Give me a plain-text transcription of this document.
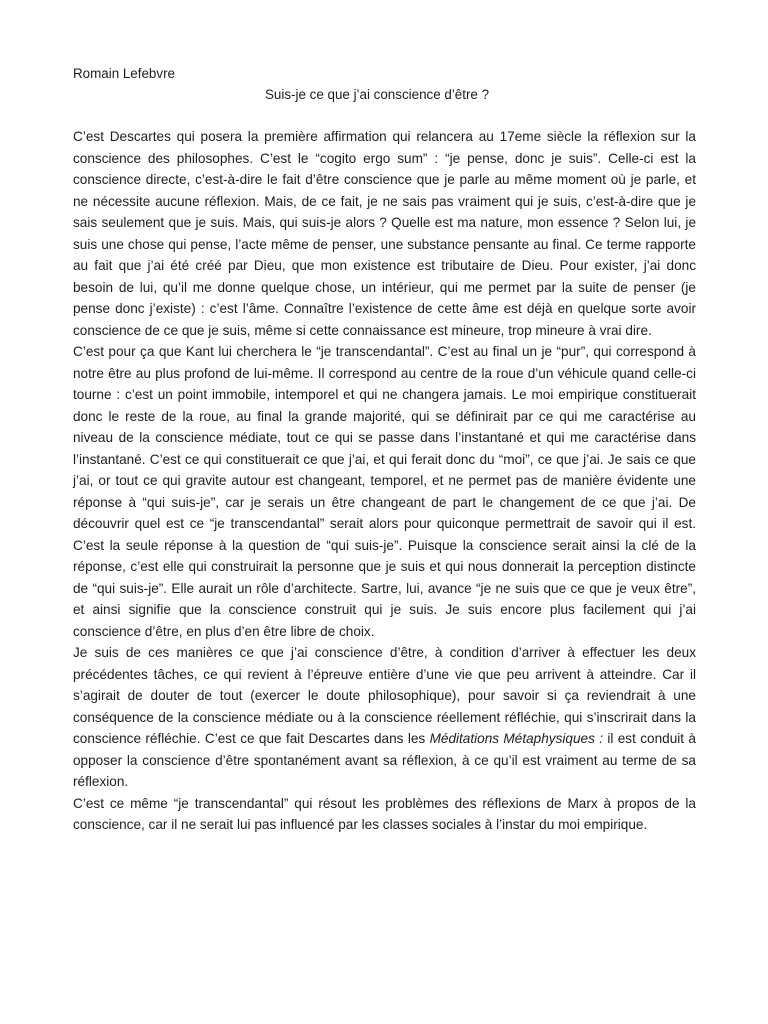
Romain Lefebvre
Suis-je ce que j’ai conscience d’être ?

C’est Descartes qui posera la première affirmation qui relancera au 17eme siècle la réflexion sur la conscience des philosophes. C’est le “cogito ergo sum” : “je pense, donc je suis”. Celle-ci est la conscience directe, c’est-à-dire le fait d’être conscience que je parle au même moment où je parle, et ne nécessite aucune réflexion. Mais, de ce fait, je ne sais pas vraiment qui je suis, c’est-à-dire que je sais seulement que je suis. Mais, qui suis-je alors ? Quelle est ma nature, mon essence ? Selon lui, je suis une chose qui pense, l’acte même de penser, une substance pensante au final. Ce terme rapporte au fait que j’ai été créé par Dieu, que mon existence est tributaire de Dieu. Pour exister, j’ai donc besoin de lui, qu’il me donne quelque chose, un intérieur, qui me permet par la suite de penser (je pense donc j’existe) : c’est l’âme. Connaître l’existence de cette âme est déjà en quelque sorte avoir conscience de ce que je suis, même si cette connaissance est mineure, trop mineure à vrai dire.

C’est pour ça que Kant lui cherchera le “je transcendantal”. C’est au final un je “pur”, qui correspond à notre être au plus profond de lui-même. Il correspond au centre de la roue d’un véhicule quand celle-ci tourne : c’est un point immobile, intemporel et qui ne changera jamais. Le moi empirique constituerait donc le reste de la roue, au final la grande majorité, qui se définirait par ce qui me caractérise au niveau de la conscience médiate, tout ce qui se passe dans l’instantané et qui me caractérise dans l’instantané. C’est ce qui constituerait ce que j’ai, et qui ferait donc du “moi”, ce que j’ai. Je sais ce que j’ai, or tout ce qui gravite autour est changeant, temporel, et ne permet pas de manière évidente une réponse à “qui suis-je”, car je serais un être changeant de part le changement de ce que j’ai. De découvrir quel est ce “je transcendantal” serait alors pour quiconque permettrait de savoir qui il est. C’est la seule réponse à la question de “qui suis-je”. Puisque la conscience serait ainsi la clé de la réponse, c’est elle qui construirait la personne que je suis et qui nous donnerait la perception distincte de “qui suis-je”. Elle aurait un rôle d’architecte. Sartre, lui, avance “je ne suis que ce que je veux être”, et ainsi signifie que la conscience construit qui je suis. Je suis encore plus facilement qui j’ai conscience d’être, en plus d’en être libre de choix.

Je suis de ces manières ce que j’ai conscience d’être, à condition d’arriver à effectuer les deux précédentes tâches, ce qui revient à l’épreuve entière d’une vie que peu arrivent à atteindre. Car il s’agirait de douter de tout (exercer le doute philosophique), pour savoir si ça reviendrait à une conséquence de la conscience médiate ou à la conscience réellement réfléchie, qui s’inscrirait dans la conscience réfléchie. C’est ce que fait Descartes dans les Méditations Métaphysiques : il est conduit à opposer la conscience d’être spontanément avant sa réflexion, à ce qu’il est vraiment au terme de sa réflexion.

C’est ce même “je transcendantal” qui résout les problèmes des réflexions de Marx à propos de la conscience, car il ne serait lui pas influencé par les classes sociales à l’instar du moi empirique.
